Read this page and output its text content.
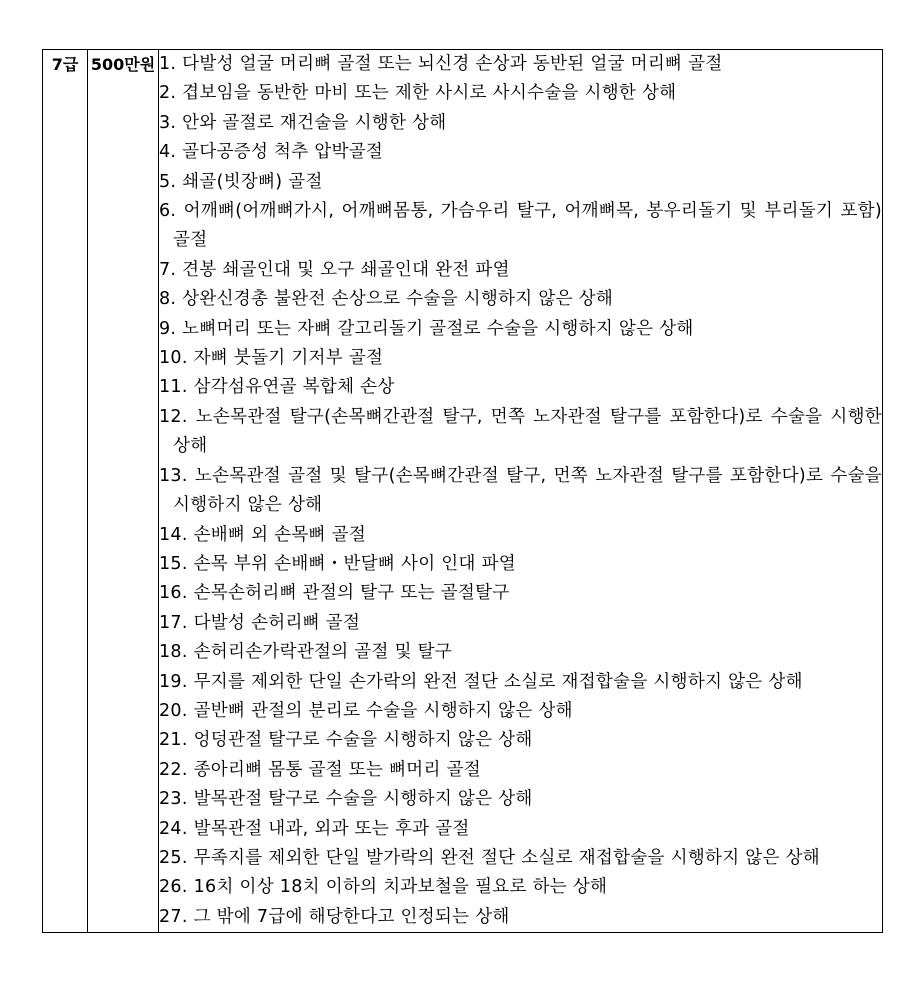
7급	500만원	1. 다발성 얼굴 머리뼈 골절 또는 뇌신경 손상과 동반된 얼굴 머리뼈 골절
2. 겹보임을 동반한 마비 또는 제한 사시로 사시수술을 시행한 상해
3. 안와 골절로 재건술을 시행한 상해
4. 골다공증성 척추 압박골절
5. 쇄골(빗장뼈) 골절
6. 어깨뼈(어깨뼈가시, 어깨뼈몸통, 가슴우리 탈구, 어깨뼈목, 봉우리돌기 및 부리돌기 포함) 골절
7. 견봉 쇄골인대 및 오구 쇄골인대 완전 파열
8. 상완신경총 불완전 손상으로 수술을 시행하지 않은 상해
9. 노뼈머리 또는 자뼈 갈고리돌기 골절로 수술을 시행하지 않은 상해
10. 자뼈 붓돌기 기저부 골절
11. 삼각섬유연골 복합체 손상
12. 노손목관절 탈구(손목뼈간관절 탈구, 먼쪽 노자관절 탈구를 포함한다)로 수술을 시행한 상해
13. 노손목관절 골절 및 탈구(손목뼈간관절 탈구, 먼쪽 노자관절 탈구를 포함한다)로 수술을 시행하지 않은 상해
14. 손배뼈 외 손목뼈 골절
15. 손목 부위 손배뼈・반달뼈 사이 인대 파열
16. 손목손허리뼈 관절의 탈구 또는 골절탈구
17. 다발성 손허리뼈 골절
18. 손허리손가락관절의 골절 및 탈구
19. 무지를 제외한 단일 손가락의 완전 절단 소실로 재접합술을 시행하지 않은 상해
20. 골반뼈 관절의 분리로 수술을 시행하지 않은 상해
21. 엉덩관절 탈구로 수술을 시행하지 않은 상해
22. 종아리뼈 몸통 골절 또는 뼈머리 골절
23. 발목관절 탈구로 수술을 시행하지 않은 상해
24. 발목관절 내과, 외과 또는 후과 골절
25. 무족지를 제외한 단일 발가락의 완전 절단 소실로 재접합술을 시행하지 않은 상해
26. 16치 이상 18치 이하의 치과보철을 필요로 하는 상해
27. 그 밖에 7급에 해당한다고 인정되는 상해
